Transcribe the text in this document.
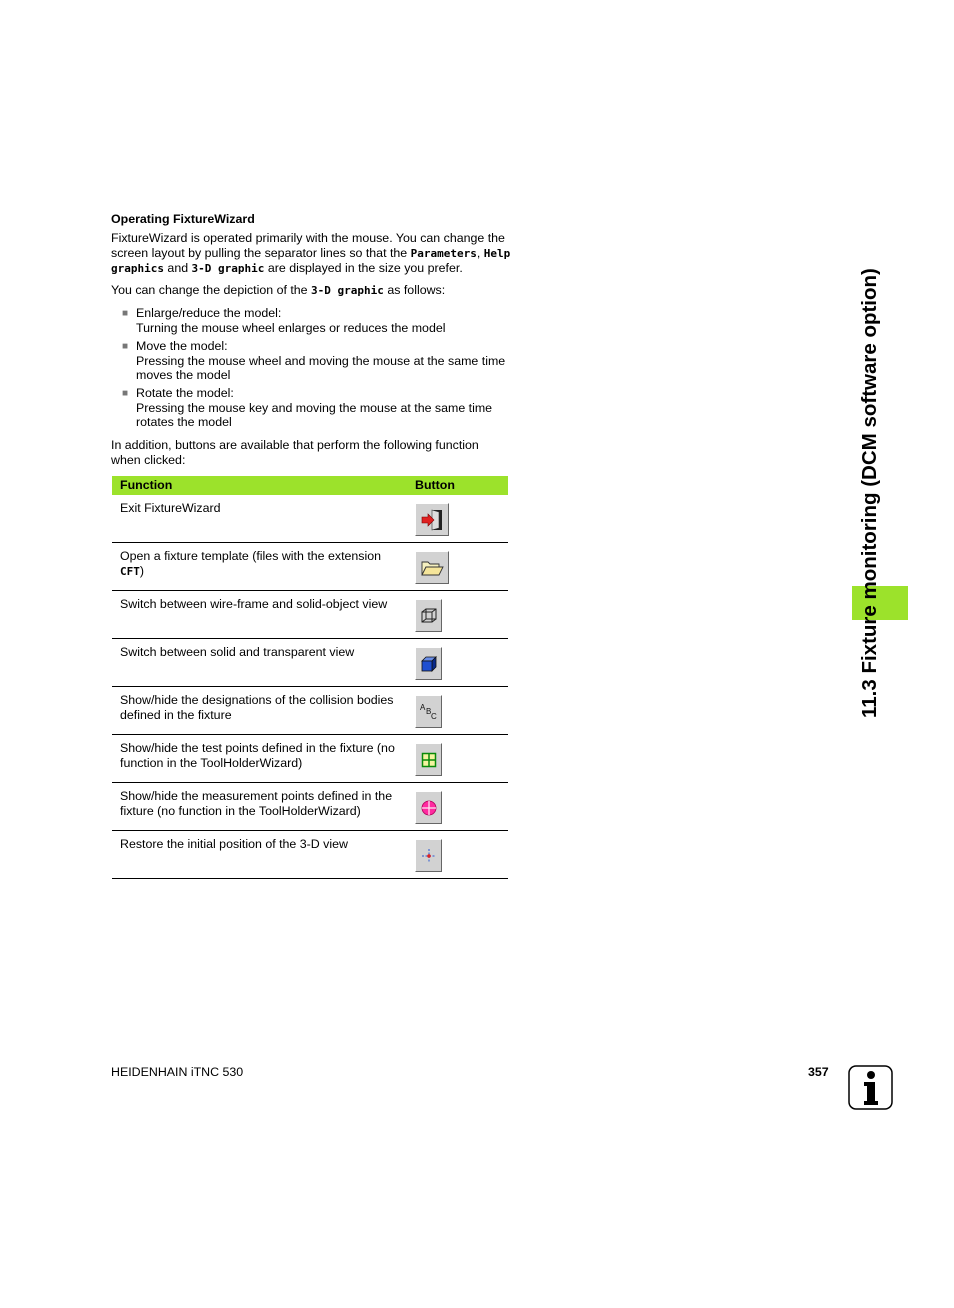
Operating FixtureWizard
FixtureWizard is operated primarily with the mouse. You can change the screen layout by pulling the separator lines so that the Parameters, Help graphics and 3-D graphic are displayed in the size you prefer.
You can change the depiction of the 3-D graphic as follows:
■ Enlarge/reduce the model:
Turning the mouse wheel enlarges or reduces the model
■ Move the model:
Pressing the mouse wheel and moving the mouse at the same time moves the model
■ Rotate the model:
Pressing the mouse key and moving the mouse at the same time rotates the model
In addition, buttons are available that perform the following function when clicked:
Function	Button
Exit FixtureWizard
Open a fixture template (files with the extension CFT)
Switch between wire-frame and solid-object view
Switch between solid and transparent view
Show/hide the designations of the collision bodies defined in the fixture
A B
C
Show/hide the test points defined in the fixture (no function in the ToolHolderWizard)
Show/hide the measurement points defined in the fixture (no function in the ToolHolderWizard)
Restore the initial position of the 3-D view
11.3 Fixture monitoring (DCM software option)
HEIDENHAIN iTNC 530	357
